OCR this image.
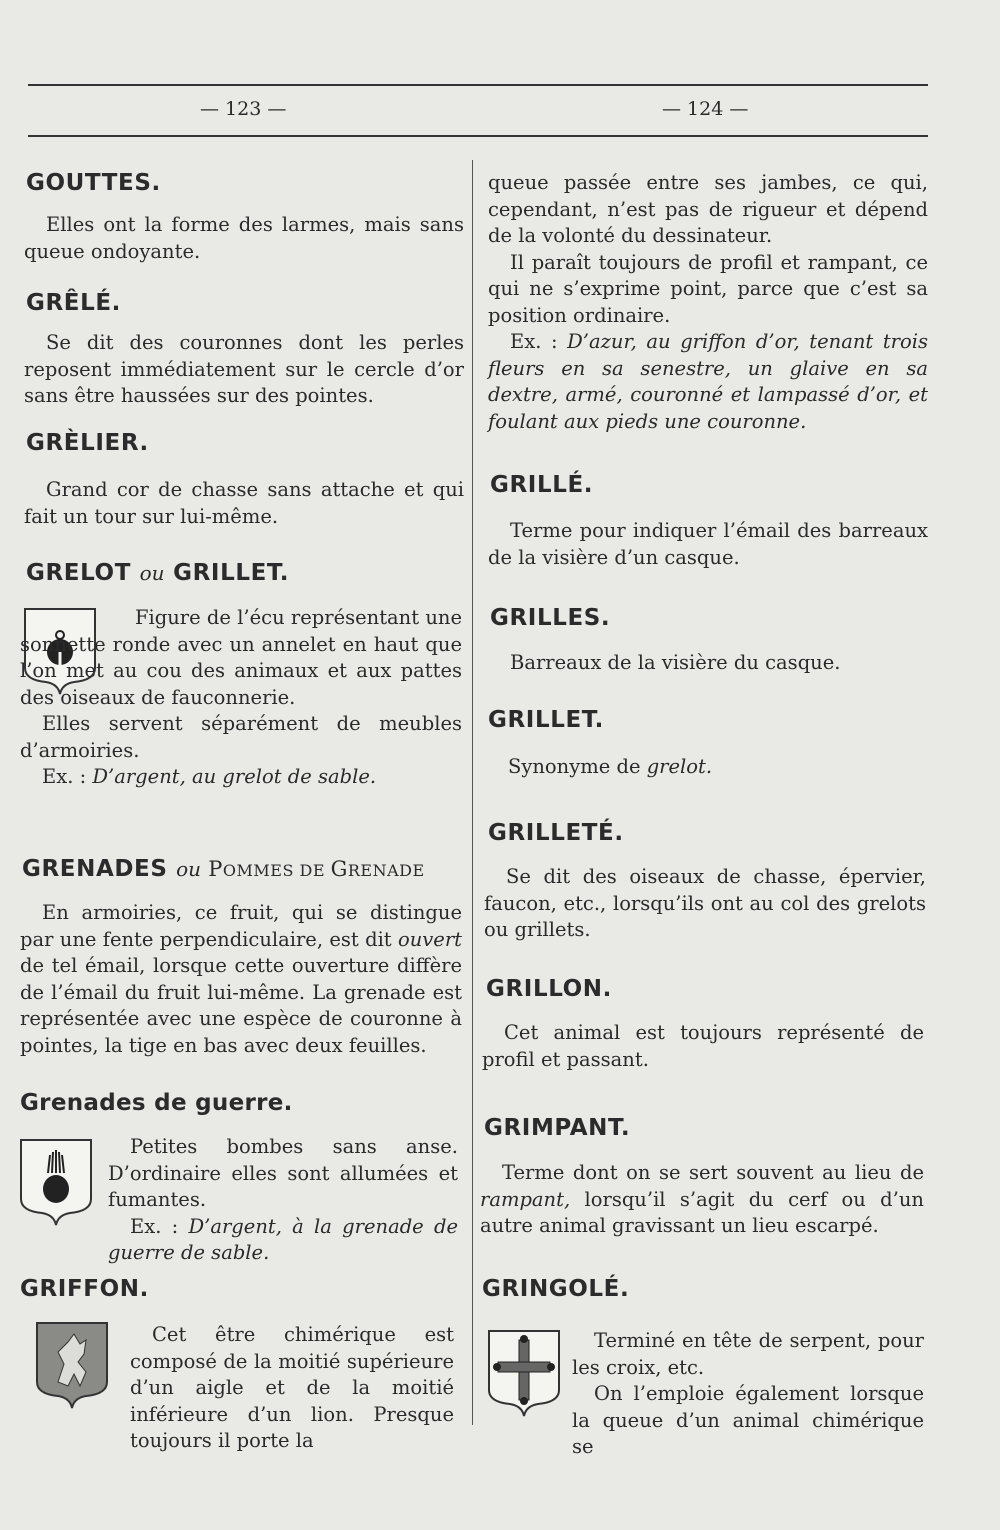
— 123 —	— 124 —
GOUTTES.

Elles ont la forme des larmes, mais sans queue ondoyante.

GRÊLÉ.

Se dit des couronnes dont les perles reposent immédiatement sur le cercle d’or sans être haussées sur des pointes.

GRÈLIER.

Grand cor de chasse sans attache et qui fait un tour sur lui-même.

GRELOT ou GRILLET.

Figure de l’écu représentant une sonnette ronde avec un annelet en haut que l’on met au cou des animaux et aux pattes des oiseaux de fauconnerie.

Elles servent séparément de meubles d’armoiries.

Ex. : D’argent, au grelot de sable.

GRENADES ou POMMES DE GRENADE

En armoiries, ce fruit, qui se distingue par une fente perpendiculaire, est dit ouvert de tel émail, lorsque cette ouverture diffère de l’émail du fruit lui-même. La grenade est représentée avec une espèce de couronne à pointes, la tige en bas avec deux feuilles.

Grenades de guerre.

Petites bombes sans anse. D’ordinaire elles sont allumées et fumantes.

Ex. : D’argent, à la grenade de guerre de sable.

GRIFFON.

Cet être chimérique est composé de la moitié supérieure d’un aigle et de la moitié inférieure d’un lion. Presque toujours il porte la

queue passée entre ses jambes, ce qui, cependant, n’est pas de rigueur et dépend de la volonté du dessinateur.

Il paraît toujours de profil et rampant, ce qui ne s’exprime point, parce que c’est sa position ordinaire.

Ex. : D’azur, au griffon d’or, tenant trois fleurs en sa senestre, un glaive en sa dextre, armé, couronné et lampassé d’or, et foulant aux pieds une couronne.

GRILLÉ.

Terme pour indiquer l’émail des barreaux de la visière d’un casque.

GRILLES.

Barreaux de la visière du casque.

GRILLET.

Synonyme de grelot.

GRILLETÉ.

Se dit des oiseaux de chasse, épervier, faucon, etc., lorsqu’ils ont au col des grelots ou grillets.

GRILLON.

Cet animal est toujours représenté de profil et passant.

GRIMPANT.

Terme dont on se sert souvent au lieu de rampant, lorsqu’il s’agit du cerf ou d’un autre animal gravissant un lieu escarpé.

GRINGOLÉ.

Terminé en tête de serpent, pour les croix, etc.

On l’emploie également lorsque la queue d’un animal chimérique se
